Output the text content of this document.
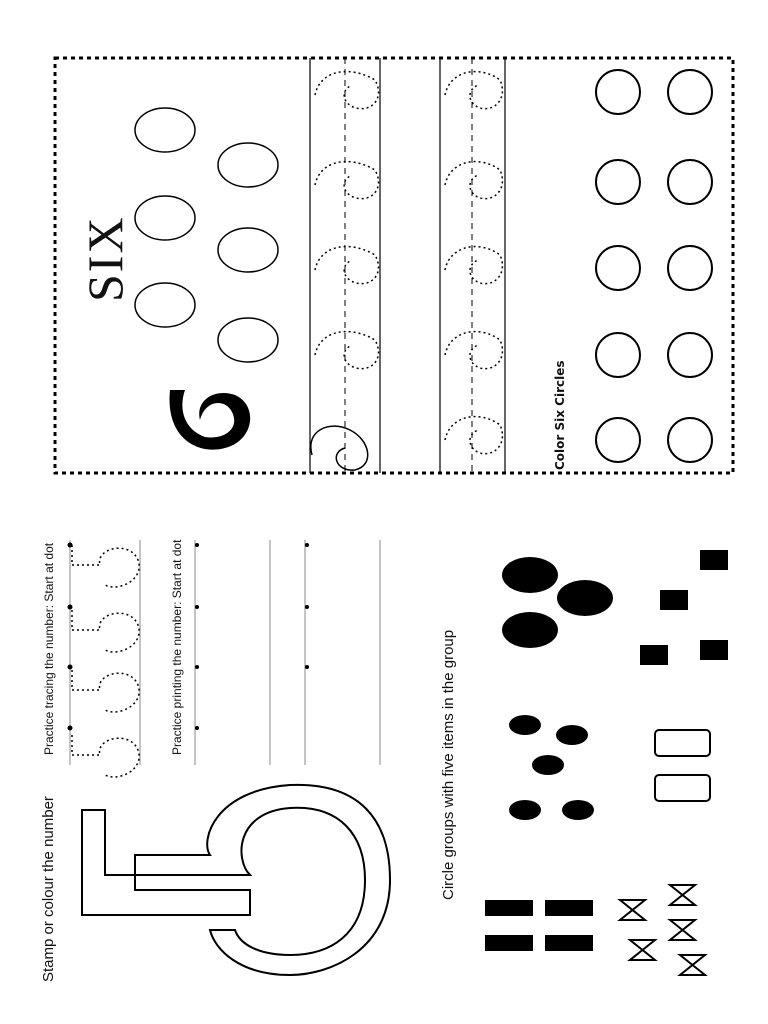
Stamp or colour the number
Practice tracing the number: Start at dot	Practice printing the number: Start at dot	Circle groups with five items in the group
SIX
Color Six Circles
